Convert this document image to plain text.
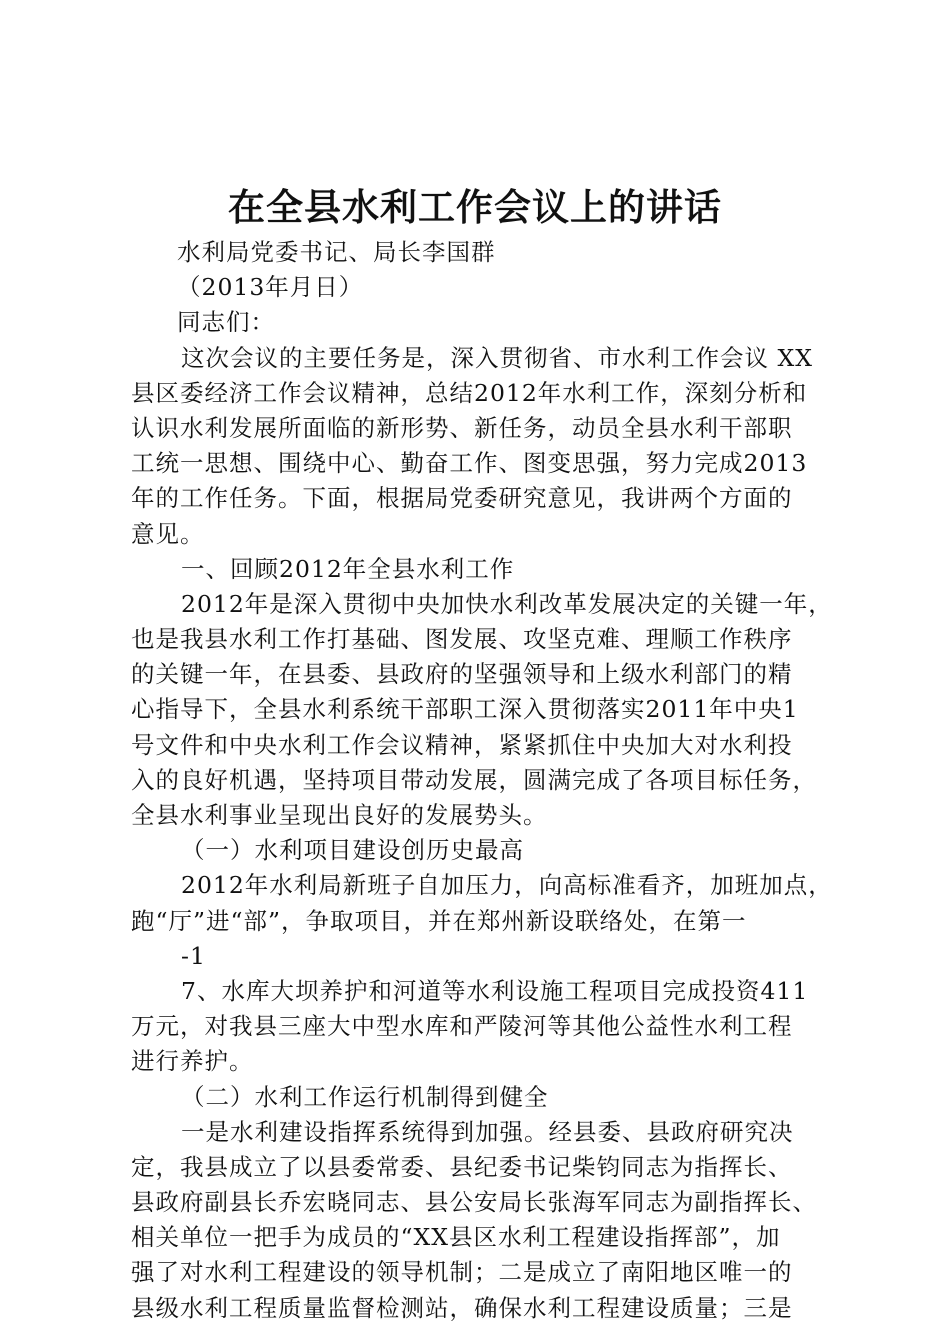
在全县水利工作会议上的讲话
水利局党委书记、局长李国群
（2013年月日）
同志们：
这次会议的主要任务是，深入贯彻省、市水利工作会议 XX
县区委经济工作会议精神，总结2012年水利工作，深刻分析和
认识水利发展所面临的新形势、新任务，动员全县水利干部职
工统一思想、围绕中心、勤奋工作、图变思强，努力完成2013
年的工作任务。下面，根据局党委研究意见，我讲两个方面的
意见。
一、回顾2012年全县水利工作
2012年是深入贯彻中央加快水利改革发展决定的关键一年，
也是我县水利工作打基础、图发展、攻坚克难、理顺工作秩序
的关键一年，在县委、县政府的坚强领导和上级水利部门的精
心指导下，全县水利系统干部职工深入贯彻落实2011年中央1
号文件和中央水利工作会议精神，紧紧抓住中央加大对水利投
入的良好机遇，坚持项目带动发展，圆满完成了各项目标任务，
全县水利事业呈现出良好的发展势头。
（一）水利项目建设创历史最高
2012年水利局新班子自加压力，向高标准看齐，加班加点，
跑“厅”进“部”，争取项目，并在郑州新设联络处，在第一
-1
7、水库大坝养护和河道等水利设施工程项目完成投资411
万元，对我县三座大中型水库和严陵河等其他公益性水利工程
进行养护。
（二）水利工作运行机制得到健全
一是水利建设指挥系统得到加强。经县委、县政府研究决
定，我县成立了以县委常委、县纪委书记柴钧同志为指挥长、
县政府副县长乔宏晓同志、县公安局长张海军同志为副指挥长、
相关单位一把手为成员的“XX县区水利工程建设指挥部”，加
强了对水利工程建设的领导机制；二是成立了南阳地区唯一的
县级水利工程质量监督检测站，确保水利工程建设质量；三是
